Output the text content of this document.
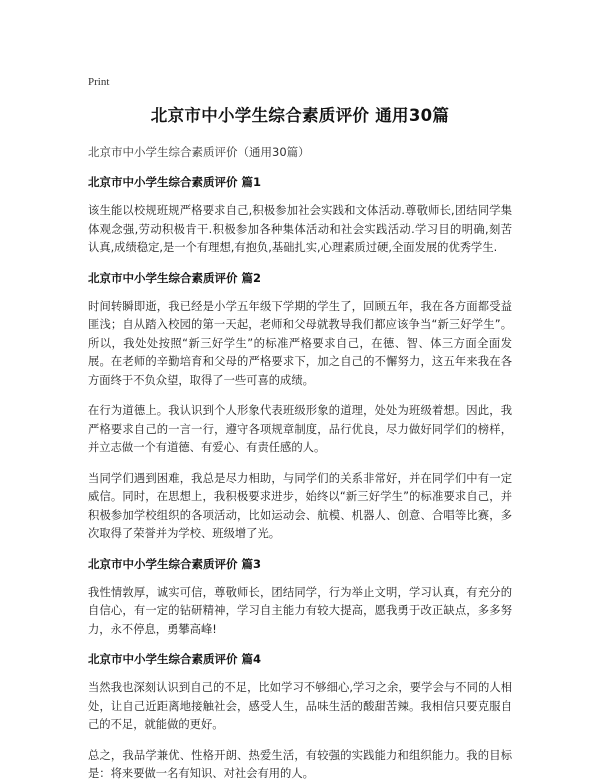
Print
北京市中小学生综合素质评价 通用30篇

北京市中小学生综合素质评价（通用30篇）

北京市中小学生综合素质评价 篇1

该生能以校规班规严格要求自己,积极参加社会实践和文体活动.尊敬师长,团结同学集体观念强,劳动积极肯干.积极参加各种集体活动和社会实践活动.学习目的明确,刻苦 认真,成绩稳定,是一个有理想,有抱负,基础扎实,心理素质过硬,全面发展的优秀学生.

北京市中小学生综合素质评价 篇2

时间转瞬即逝，我已经是小学五年级下学期的学生了，回顾五年，我在各方面都受益匪浅；自从踏入校园的第一天起，老师和父母就教导我们都应该争当“新三好学生”。所以，我处处按照“新三好学生”的标准严格要求自己，在德、智、体三方面全面发展。在老师的辛勤培育和父母的严格要求下，加之自己的不懈努力，这五年来我在各方面终于不负众望，取得了一些可喜的成绩。

在行为道德上。我认识到个人形象代表班级形象的道理，处处为班级着想。因此，我严格要求自己的一言一行，遵守各项规章制度，品行优良，尽力做好同学们的榜样，并立志做一个有道德、有爱心、有责任感的人。

当同学们遇到困难，我总是尽力相助，与同学们的关系非常好，并在同学们中有一定威信。同时，在思想上，我积极要求进步，始终以“新三好学生”的标准要求自己，并积极参加学校组织的各项活动，比如运动会、航模、机器人、创意、合唱等比赛，多次取得了荣誉并为学校、班级增了光。

北京市中小学生综合素质评价 篇3

我性情敦厚，诚实可信，尊敬师长，团结同学，行为举止文明，学习认真，有充分的自信心，有一定的钻研精神，学习自主能力有较大提高，愿我勇于改正缺点，多多努力，永不停息，勇攀高峰!

北京市中小学生综合素质评价 篇4

当然我也深刻认识到自己的不足，比如学习不够细心,学习之余，要学会与不同的人相处，让自己近距离地接触社会，感受人生，品味生活的酸甜苦辣。我相信只要克服自己的不足，就能做的更好。

总之，我品学兼优、性格开朗、热爱生活，有较强的实践能力和组织能力。我的目标是：将来要做一名有知识、对社会有用的人。
